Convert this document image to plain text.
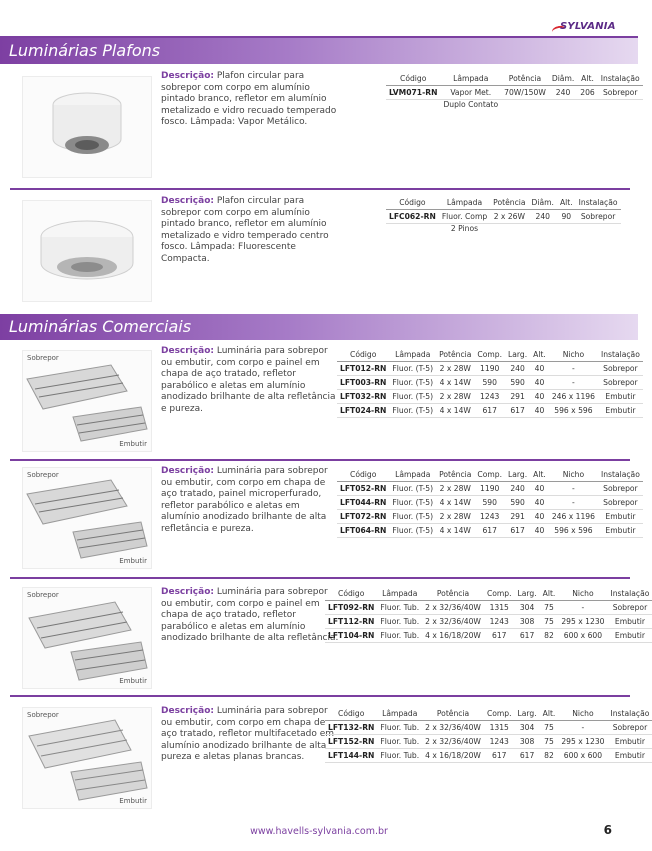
SYLVANIA
Luminárias Plafons
Descrição: Plafon circular para sobrepor com corpo em alumínio pintado branco, refletor em alumínio metalizado e vidro recuado temperado fosco. Lâmpada: Vapor Metálico.
Código	Lâmpada	Potência	Diâm.	Alt.	Instalação
LVM071-RN	Vapor Met.	70W/150W	240	206	Sobrepor
	Duplo Contato				
Descrição: Plafon circular para sobrepor com corpo em alumínio pintado branco, refletor em alumínio metalizado e vidro temperado centro fosco. Lâmpada: Fluorescente Compacta.
Código	Lâmpada	Potência	Diâm.	Alt.	Instalação
LFC062-RN	Fluor. Comp	2 x 26W	240	90	Sobrepor
	2 Pinos				
Luminárias Comerciais
Sobrepor
Embutir
Descrição: Luminária para sobrepor ou embutir, com corpo e painel em chapa de aço tratado, refletor parabólico e aletas em alumínio anodizado brilhante de alta refletância e pureza.
Código	Lâmpada	Potência	Comp.	Larg.	Alt.	Nicho	Instalação
LFT012-RN	Fluor. (T-5)	2 x 28W	1190	240	40	-	Sobrepor
LFT003-RN	Fluor. (T-5)	4 x 14W	590	590	40	-	Sobrepor
LFT032-RN	Fluor. (T-5)	2 x 28W	1243	291	40	246 x 1196	Embutir
LFT024-RN	Fluor. (T-5)	4 x 14W	617	617	40	596 x 596	Embutir
Sobrepor
Embutir
Descrição: Luminária para sobrepor ou embutir, com corpo em chapa de aço tratado, painel microperfurado, refletor parabólico e aletas em alumínio anodizado brilhante de alta refletância e pureza.
Código	Lâmpada	Potência	Comp.	Larg.	Alt.	Nicho	Instalação
LFT052-RN	Fluor. (T-5)	2 x 28W	1190	240	40	-	Sobrepor
LFT044-RN	Fluor. (T-5)	4 x 14W	590	590	40	-	Sobrepor
LFT072-RN	Fluor. (T-5)	2 x 28W	1243	291	40	246 x 1196	Embutir
LFT064-RN	Fluor. (T-5)	4 x 14W	617	617	40	596 x 596	Embutir
Sobrepor
Embutir
Descrição: Luminária para sobrepor ou embutir, com corpo e painel em chapa de aço tratado, refletor parabólico e aletas em alumínio anodizado brilhante de alta refletância.
Código	Lâmpada	Potência	Comp.	Larg.	Alt.	Nicho	Instalação
LFT092-RN	Fluor. Tub.	2 x 32/36/40W	1315	304	75	-	Sobrepor
LFT112-RN	Fluor. Tub.	2 x 32/36/40W	1243	308	75	295 x 1230	Embutir
LFT104-RN	Fluor. Tub.	4 x 16/18/20W	617	617	82	600 x 600	Embutir
Sobrepor
Embutir
Descrição: Luminária para sobrepor ou embutir, com corpo em chapa de aço tratado, refletor multifacetado em alumínio anodizado brilhante de alta pureza e aletas planas brancas.
Código	Lâmpada	Potência	Comp.	Larg.	Alt.	Nicho	Instalação
LFT132-RN	Fluor. Tub.	2 x 32/36/40W	1315	304	75	-	Sobrepor
LFT152-RN	Fluor. Tub.	2 x 32/36/40W	1243	308	75	295 x 1230	Embutir
LFT144-RN	Fluor. Tub.	4 x 16/18/20W	617	617	82	600 x 600	Embutir
www.havells-sylvania.com.br	6
